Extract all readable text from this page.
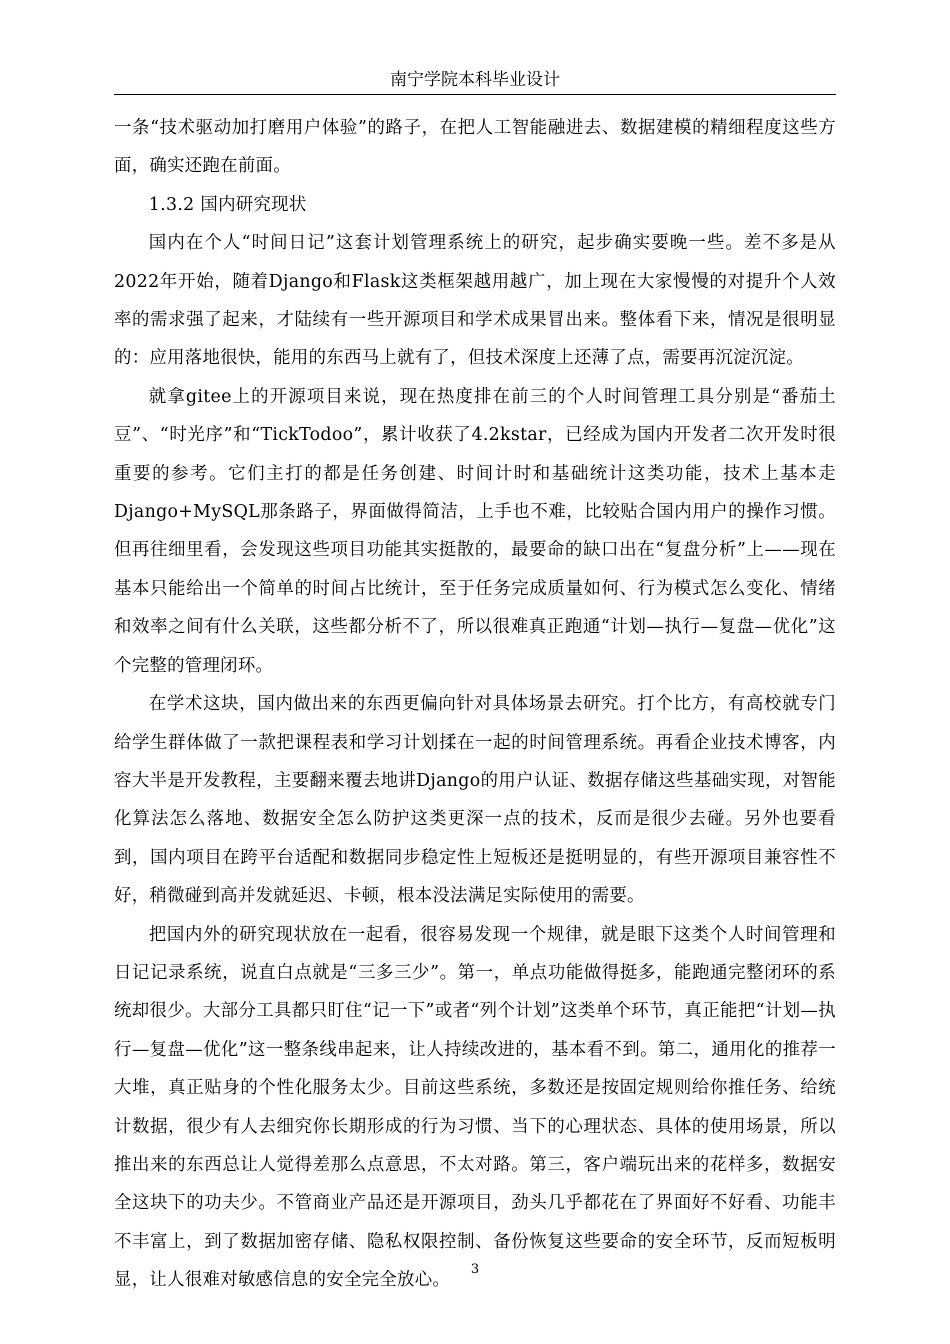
南宁学院本科毕业设计

一条“技术驱动加打磨用户体验”的路子，在把人工智能融进去、数据建模的精细程度这些方面，确实还跑在前面。

1.3.2 国内研究现状

国内在个人“时间日记”这套计划管理系统上的研究，起步确实要晚一些。差不多是从2022年开始，随着Django和Flask这类框架越用越广，加上现在大家慢慢的对提升个人效率的需求强了起来，才陆续有一些开源项目和学术成果冒出来。整体看下来，情况是很明显的：应用落地很快，能用的东西马上就有了，但技术深度上还薄了点，需要再沉淀沉淀。

就拿gitee上的开源项目来说，现在热度排在前三的个人时间管理工具分别是“番茄土豆”、“时光序”和“TickTodoo”，累计收获了4.2kstar，已经成为国内开发者二次开发时很重要的参考。它们主打的都是任务创建、时间计时和基础统计这类功能，技术上基本走Django+MySQL那条路子，界面做得简洁，上手也不难，比较贴合国内用户的操作习惯。但再往细里看，会发现这些项目功能其实挺散的，最要命的缺口出在“复盘分析”上——现在基本只能给出一个简单的时间占比统计，至于任务完成质量如何、行为模式怎么变化、情绪和效率之间有什么关联，这些都分析不了，所以很难真正跑通“计划—执行—复盘—优化”这个完整的管理闭环。

在学术这块，国内做出来的东西更偏向针对具体场景去研究。打个比方，有高校就专门给学生群体做了一款把课程表和学习计划揉在一起的时间管理系统。再看企业技术博客，内容大半是开发教程，主要翻来覆去地讲Django的用户认证、数据存储这些基础实现，对智能化算法怎么落地、数据安全怎么防护这类更深一点的技术，反而是很少去碰。另外也要看到，国内项目在跨平台适配和数据同步稳定性上短板还是挺明显的，有些开源项目兼容性不好，稍微碰到高并发就延迟、卡顿，根本没法满足实际使用的需要。

把国内外的研究现状放在一起看，很容易发现一个规律，就是眼下这类个人时间管理和日记记录系统，说直白点就是“三多三少”。第一，单点功能做得挺多，能跑通完整闭环的系统却很少。大部分工具都只盯住“记一下”或者“列个计划”这类单个环节，真正能把“计划—执行—复盘—优化”这一整条线串起来，让人持续改进的，基本看不到。第二，通用化的推荐一大堆，真正贴身的个性化服务太少。目前这些系统，多数还是按固定规则给你推任务、给统计数据，很少有人去细究你长期形成的行为习惯、当下的心理状态、具体的使用场景，所以推出来的东西总让人觉得差那么点意思，不太对路。第三，客户端玩出来的花样多，数据安全这块下的功夫少。不管商业产品还是开源项目，劲头几乎都花在了界面好不好看、功能丰不丰富上，到了数据加密存储、隐私权限控制、备份恢复这些要命的安全环节，反而短板明显，让人很难对敏感信息的安全完全放心。

3
